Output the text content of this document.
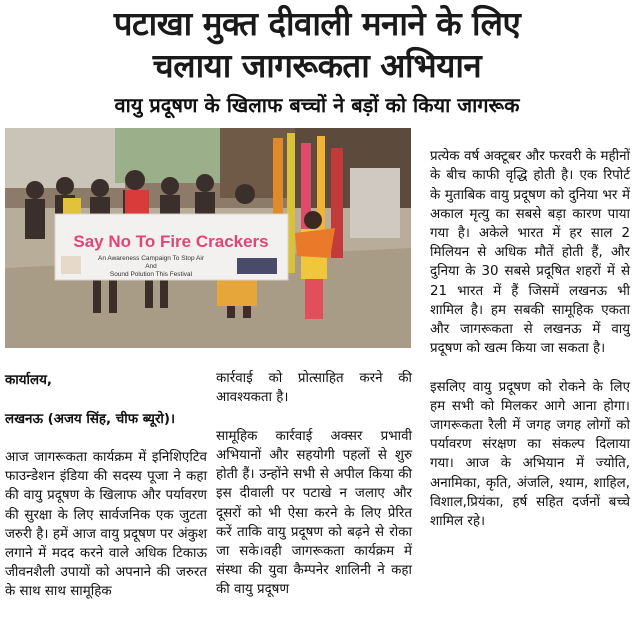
पटाखा मुक्त दीवाली मनाने के लिए
चलाया जागरूकता अभियान
वायु प्रदूषण के खिलाफ बच्चों ने बड़ों को किया जागरूक
Say No To Fire Crackers
An Awareness Campaign To Stop Air
And
Sound Polution This Festival

प्रत्येक वर्ष अक्टूबर और फरवरी के महीनों के बीच काफी वृद्धि होती है। एक रिपोर्ट के मुताबिक वायु प्रदूषण को दुनिया भर में अकाल मृत्यु का सबसे बड़ा कारण पाया गया है। अकेले भारत में हर साल 2 मिलियन से अधिक मौतें होती हैं, और दुनिया के 30 सबसे प्रदूषित शहरों में से 21 भारत में हैं जिसमें लखनऊ भी शामिल है। हम सबकी सामूहिक एकता और जागरूकता से लखनऊ में वायु प्रदूषण को खत्म किया जा सकता है।

इसलिए वायु प्रदूषण को रोकने के लिए हम सभी को मिलकर आगे आना होगा।जागरूकता रैली में जगह जगह लोगों को पर्यावरण संरक्षण का संकल्प दिलाया गया। आज के अभियान में ज्योति, अनामिका, कृति, अंजलि, श्याम, शाहिल, विशाल,प्रियंका, हर्ष सहित दर्जनों बच्चे शामिल रहे।

कार्यालय,

लखनऊ (अजय सिंह, चीफ ब्यूरो)।

आज जागरूकता कार्यक्रम में इनिशिएटिव फाउन्डेशन इंडिया की सदस्य पूजा ने कहा की वायु प्रदूषण के खिलाफ और पर्यावरण की सुरक्षा के लिए सार्वजनिक एक जुटता जरुरी है। हमें आज वायु प्रदूषण पर अंकुश लगाने में मदद करने वाले अधिक टिकाऊ जीवनशैली उपायों को अपनाने की जरुरत के साथ साथ सामूहिक

कार्रवाई को प्रोत्साहित करने की आवश्यकता है।

सामूहिक कार्रवाई अक्सर प्रभावी अभियानों और सहयोगी पहलों से शुरु होती हैं। उन्होंने सभी से अपील किया की इस दीवाली पर पटाखे न जलाए और दूसरों को भी ऐसा करने के लिए प्रेरित करें ताकि वायु प्रदूषण को बढ़ने से रोका जा सके।वही जागरूकता कार्यक्रम में संस्था की युवा कैम्पनेर शालिनी ने कहा की वायु प्रदूषण
